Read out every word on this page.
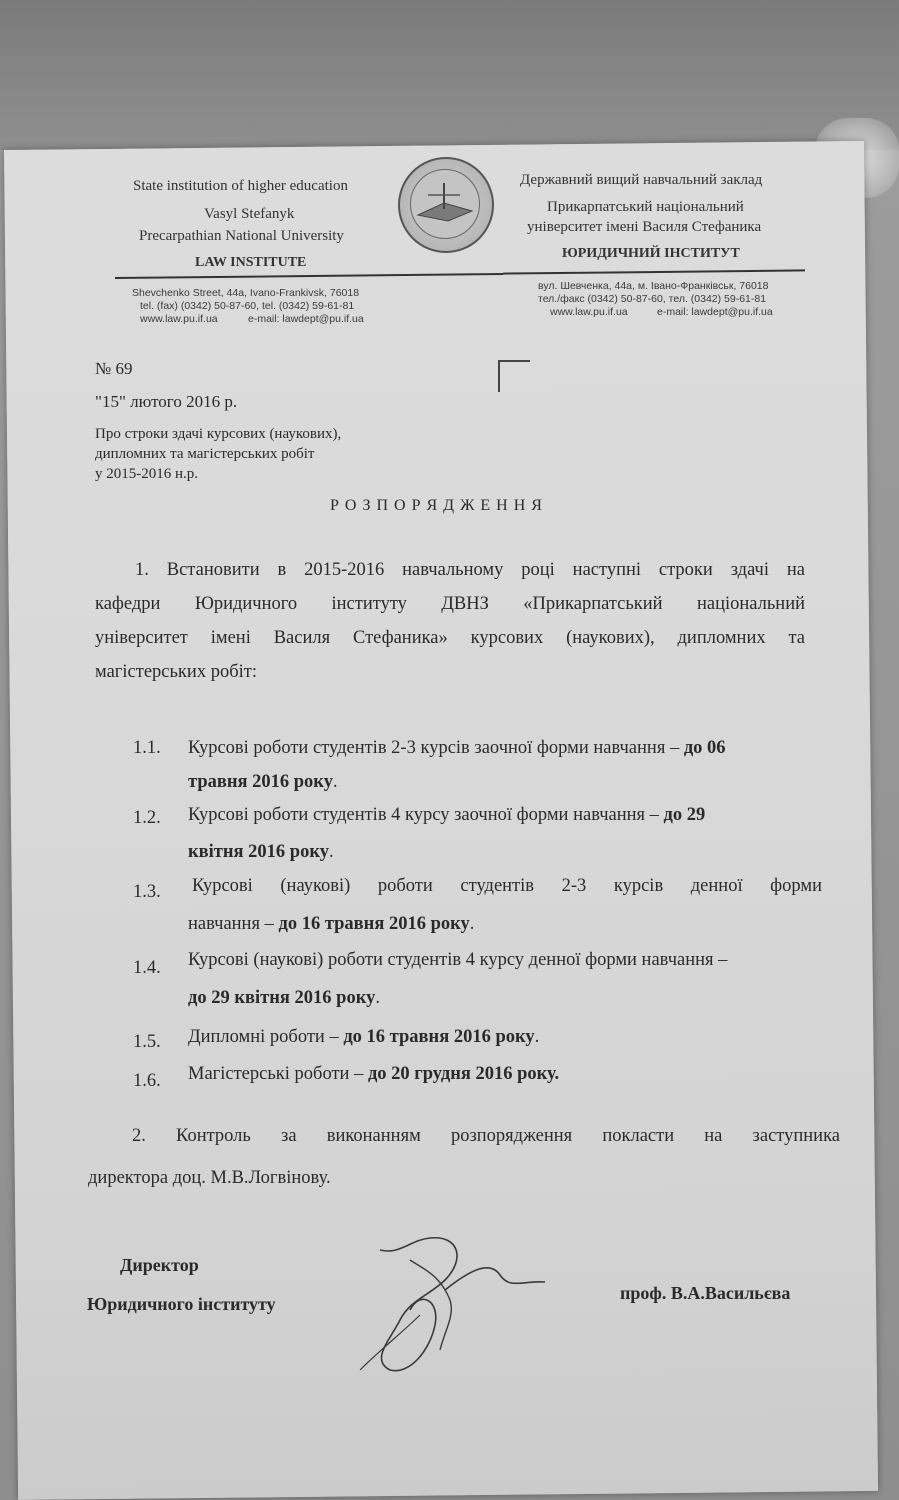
State institution of higher education
Vasyl Stefanyk
Precarpathian National University
LAW INSTITUTE
Державний вищий навчальний заклад
Прикарпатський національний
університет імені Василя Стефаника
ЮРИДИЧНИЙ ІНСТИТУТ
Shevchenko Street, 44a, Ivano-Frankivsk, 76018
tel. (fax) (0342) 50-87-60, tel. (0342) 59-61-81
www.law.pu.if.ua	e-mail: lawdept@pu.if.ua
вул. Шевченка, 44а, м. Івано-Франківськ, 76018
тел./факс (0342) 50-87-60, тел. (0342) 59-61-81
www.law.pu.if.ua	e-mail: lawdept@pu.if.ua
№ 69
"15" лютого 2016 р.
Про строки здачі курсових (наукових),
дипломних та магістерських робіт
у 2015-2016 н.р.
Р О З П О Р Я Д Ж Е Н Н Я
1. Встановити в 2015-2016 навчальному році наступні строки здачі на
кафедри Юридичного інституту ДВНЗ «Прикарпатський національний
університет імені Василя Стефаника» курсових (наукових), дипломних та
магістерських робіт:
1.1. Курсові роботи студентів 2-3 курсів заочної форми навчання – до 06
травня 2016 року.
1.2. Курсові роботи студентів 4 курсу заочної форми навчання – до 29
квітня 2016 року.
1.3. Курсові (наукові) роботи студентів 2-3 курсів денної форми
навчання – до 16 травня 2016 року.
1.4. Курсові (наукові) роботи студентів 4 курсу денної форми навчання –
до 29 квітня 2016 року.
1.5. Дипломні роботи – до 16 травня 2016 року.
1.6. Магістерські роботи – до 20 грудня 2016 року.
2. Контроль за виконанням розпорядження покласти на заступника
директора доц. М.В.Логвінову.
Директор
Юридичного інституту
проф. В.А.Васильєва
